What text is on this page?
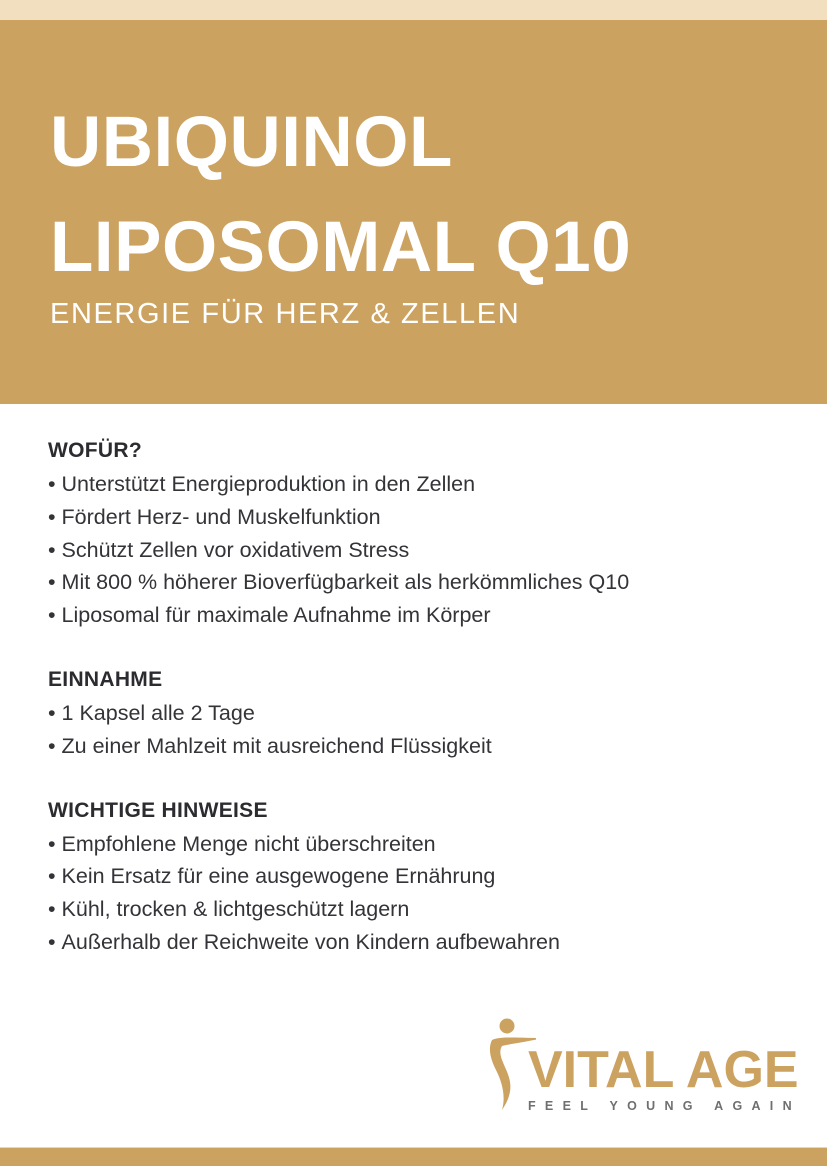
UBIQUINOL
LIPOSOMAL Q10

ENERGIE FÜR HERZ & ZELLEN

WOFÜR?
• Unterstützt Energieproduktion in den Zellen
• Fördert Herz- und Muskelfunktion
• Schützt Zellen vor oxidativem Stress
• Mit 800 % höherer Bioverfügbarkeit als herkömmliches Q10
• Liposomal für maximale Aufnahme im Körper
EINNAHME
• 1 Kapsel alle 2 Tage
• Zu einer Mahlzeit mit ausreichend Flüssigkeit
WICHTIGE HINWEISE
• Empfohlene Menge nicht überschreiten
• Kein Ersatz für eine ausgewogene Ernährung
• Kühl, trocken & lichtgeschützt lagern
• Außerhalb der Reichweite von Kindern aufbewahren

VITAL AGE

FEEL YOUNG AGAIN
